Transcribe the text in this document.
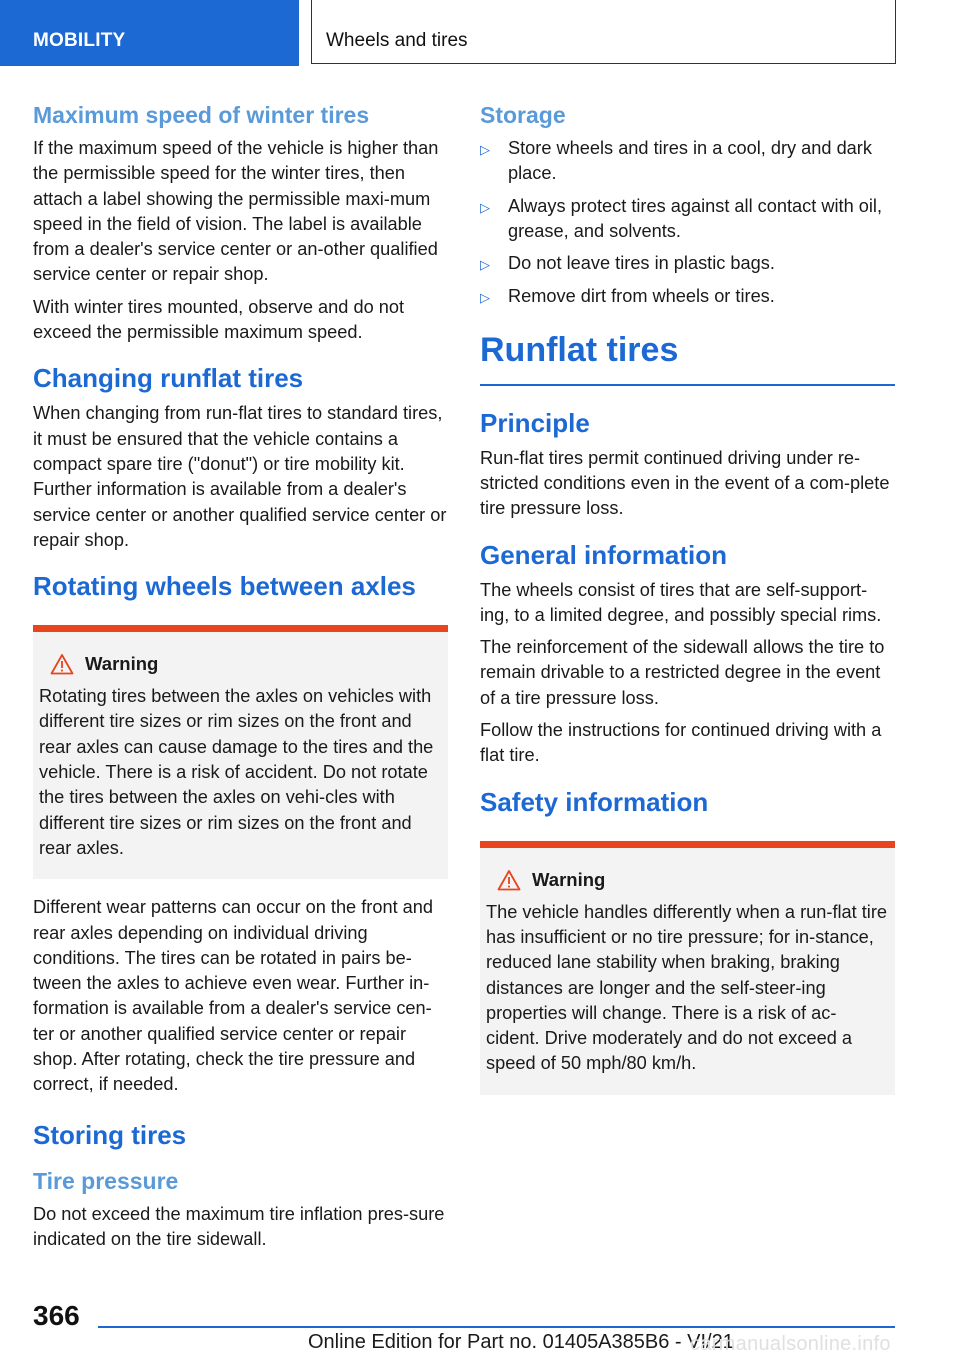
MOBILITY	Wheels and tires
Maximum speed of winter tires

If the maximum speed of the vehicle is higher than the permissible speed for the winter tires, then attach a label showing the permissible maxi‐mum speed in the field of vision. The label is available from a dealer's service center or an‐other qualified service center or repair shop.

With winter tires mounted, observe and do not exceed the permissible maximum speed.

Changing runflat tires

When changing from run-flat tires to standard tires, it must be ensured that the vehicle contains a compact spare tire ("donut") or tire mobility kit. Further information is available from a dealer's service center or another qualified service center or repair shop.

Rotating wheels between axles
Warning

Rotating tires between the axles on vehicles with different tire sizes or rim sizes on the front and rear axles can cause damage to the tires and the vehicle. There is a risk of accident. Do not rotate the tires between the axles on vehi‐cles with different tire sizes or rim sizes on the front and rear axles.

Different wear patterns can occur on the front and rear axles depending on individual driving conditions. The tires can be rotated in pairs be‐tween the axles to achieve even wear. Further in‐formation is available from a dealer's service cen‐ter or another qualified service center or repair shop. After rotating, check the tire pressure and correct, if needed.

Storing tires
Tire pressure

Do not exceed the maximum tire inflation pres‐sure indicated on the tire sidewall.

Storage
▷ Store wheels and tires in a cool, dry and dark place.
▷ Always protect tires against all contact with oil, grease, and solvents.
▷ Do not leave tires in plastic bags.
▷ Remove dirt from wheels or tires.
Runflat tires
Principle

Run-flat tires permit continued driving under re‐stricted conditions even in the event of a com‐plete tire pressure loss.

General information

The wheels consist of tires that are self-support‐ing, to a limited degree, and possibly special rims.

The reinforcement of the sidewall allows the tire to remain drivable to a restricted degree in the event of a tire pressure loss.

Follow the instructions for continued driving with a flat tire.

Safety information
Warning

The vehicle handles differently when a run-flat tire has insufficient or no tire pressure; for in‐stance, reduced lane stability when braking, braking distances are longer and the self-steer‐ing properties will change. There is a risk of ac‐cident. Drive moderately and do not exceed a speed of 50 mph/80 km/h.

366
Online Edition for Part no. 01405A385B6 - VI/21
carmanualsonline.info
